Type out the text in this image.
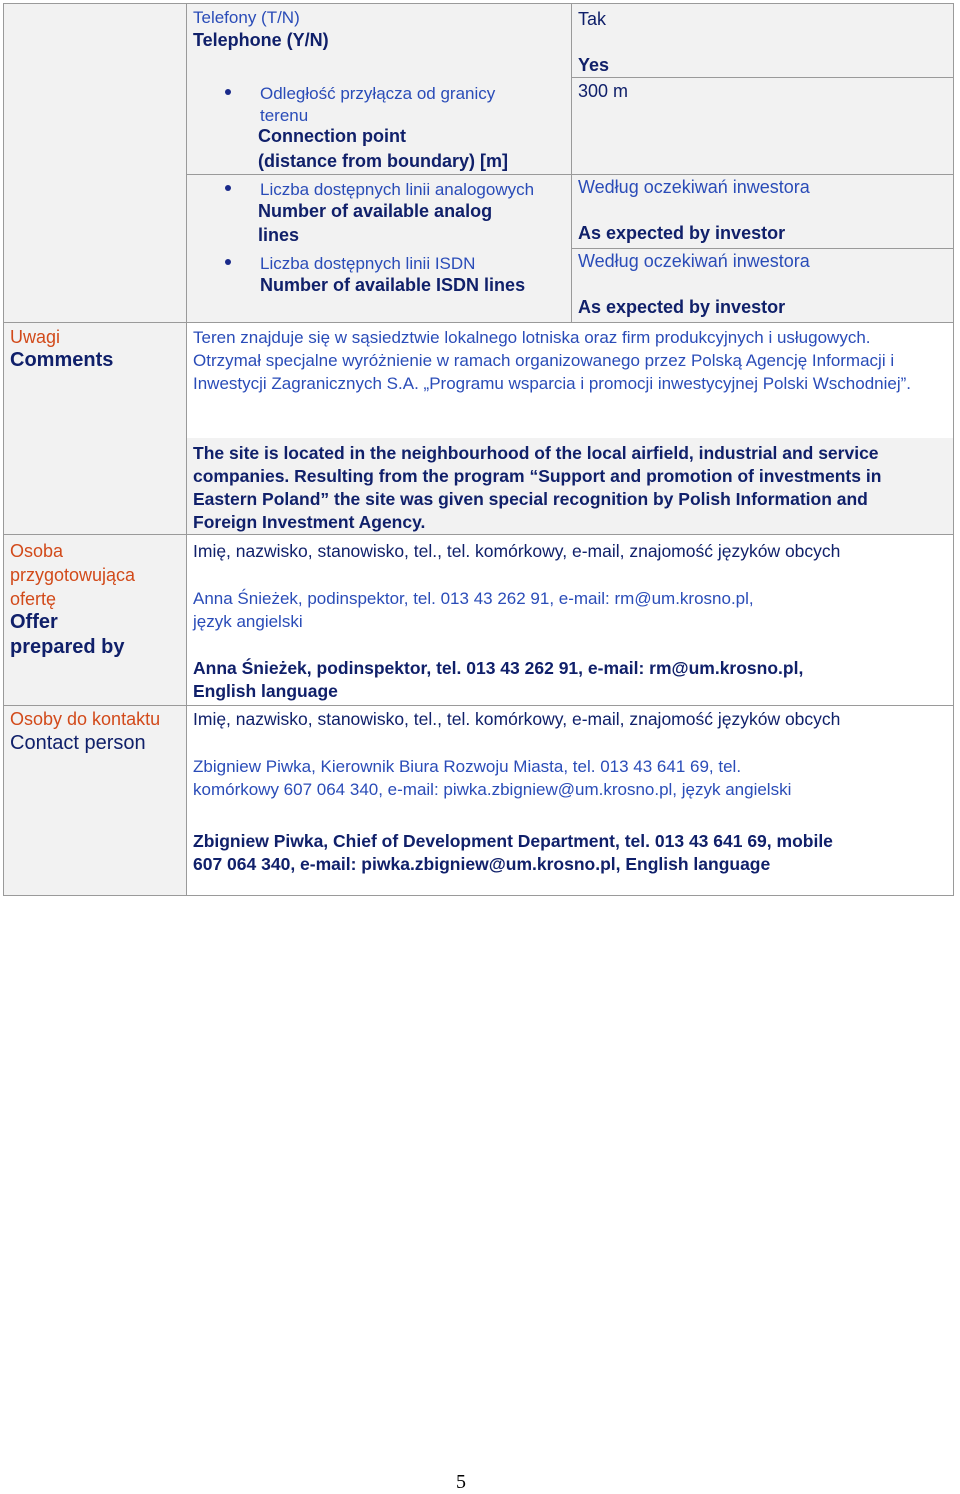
Telefony (T/N)
Telephone (Y/N)
Tak
Yes
Odległość przyłącza od granicy
terenu
Connection point
(distance from boundary) [m]
300 m
Liczba dostępnych linii analogowych
Number of available analog
lines
Według oczekiwań inwestora
As expected by investor
Liczba dostępnych linii ISDN
Number of available ISDN lines
Według oczekiwań inwestora
As expected by investor
Uwagi
Comments
Teren znajduje się w sąsiedztwie lokalnego lotniska oraz firm produkcyjnych i usługowych. Otrzymał specjalne wyróżnienie w ramach organizowanego przez Polską Agencję Informacji i Inwestycji Zagranicznych S.A. „Programu wsparcia i promocji inwestycyjnej Polski Wschodniej”.
The site is located in the neighbourhood of the local airfield, industrial and service companies. Resulting from the program “Support and promotion of investments in Eastern Poland” the site was given special recognition by Polish Information and Foreign Investment Agency.
Osoba
przygotowująca
ofertę
Offer
prepared by
Imię, nazwisko, stanowisko, tel., tel. komórkowy, e-mail, znajomość języków obcych
Anna Śnieżek, podinspektor, tel. 013 43 262 91, e-mail: rm@um.krosno.pl,
język angielski
Anna Śnieżek, podinspektor, tel. 013 43 262 91, e-mail: rm@um.krosno.pl,
English language
Osoby do kontaktu
Contact person
Imię, nazwisko, stanowisko, tel., tel. komórkowy, e-mail, znajomość języków obcych
Zbigniew Piwka, Kierownik Biura Rozwoju Miasta, tel. 013 43 641 69, tel.
komórkowy 607 064 340, e-mail: piwka.zbigniew@um.krosno.pl, język angielski
Zbigniew Piwka, Chief of Development Department, tel. 013 43 641 69, mobile
607 064 340, e-mail: piwka.zbigniew@um.krosno.pl, English language
5
